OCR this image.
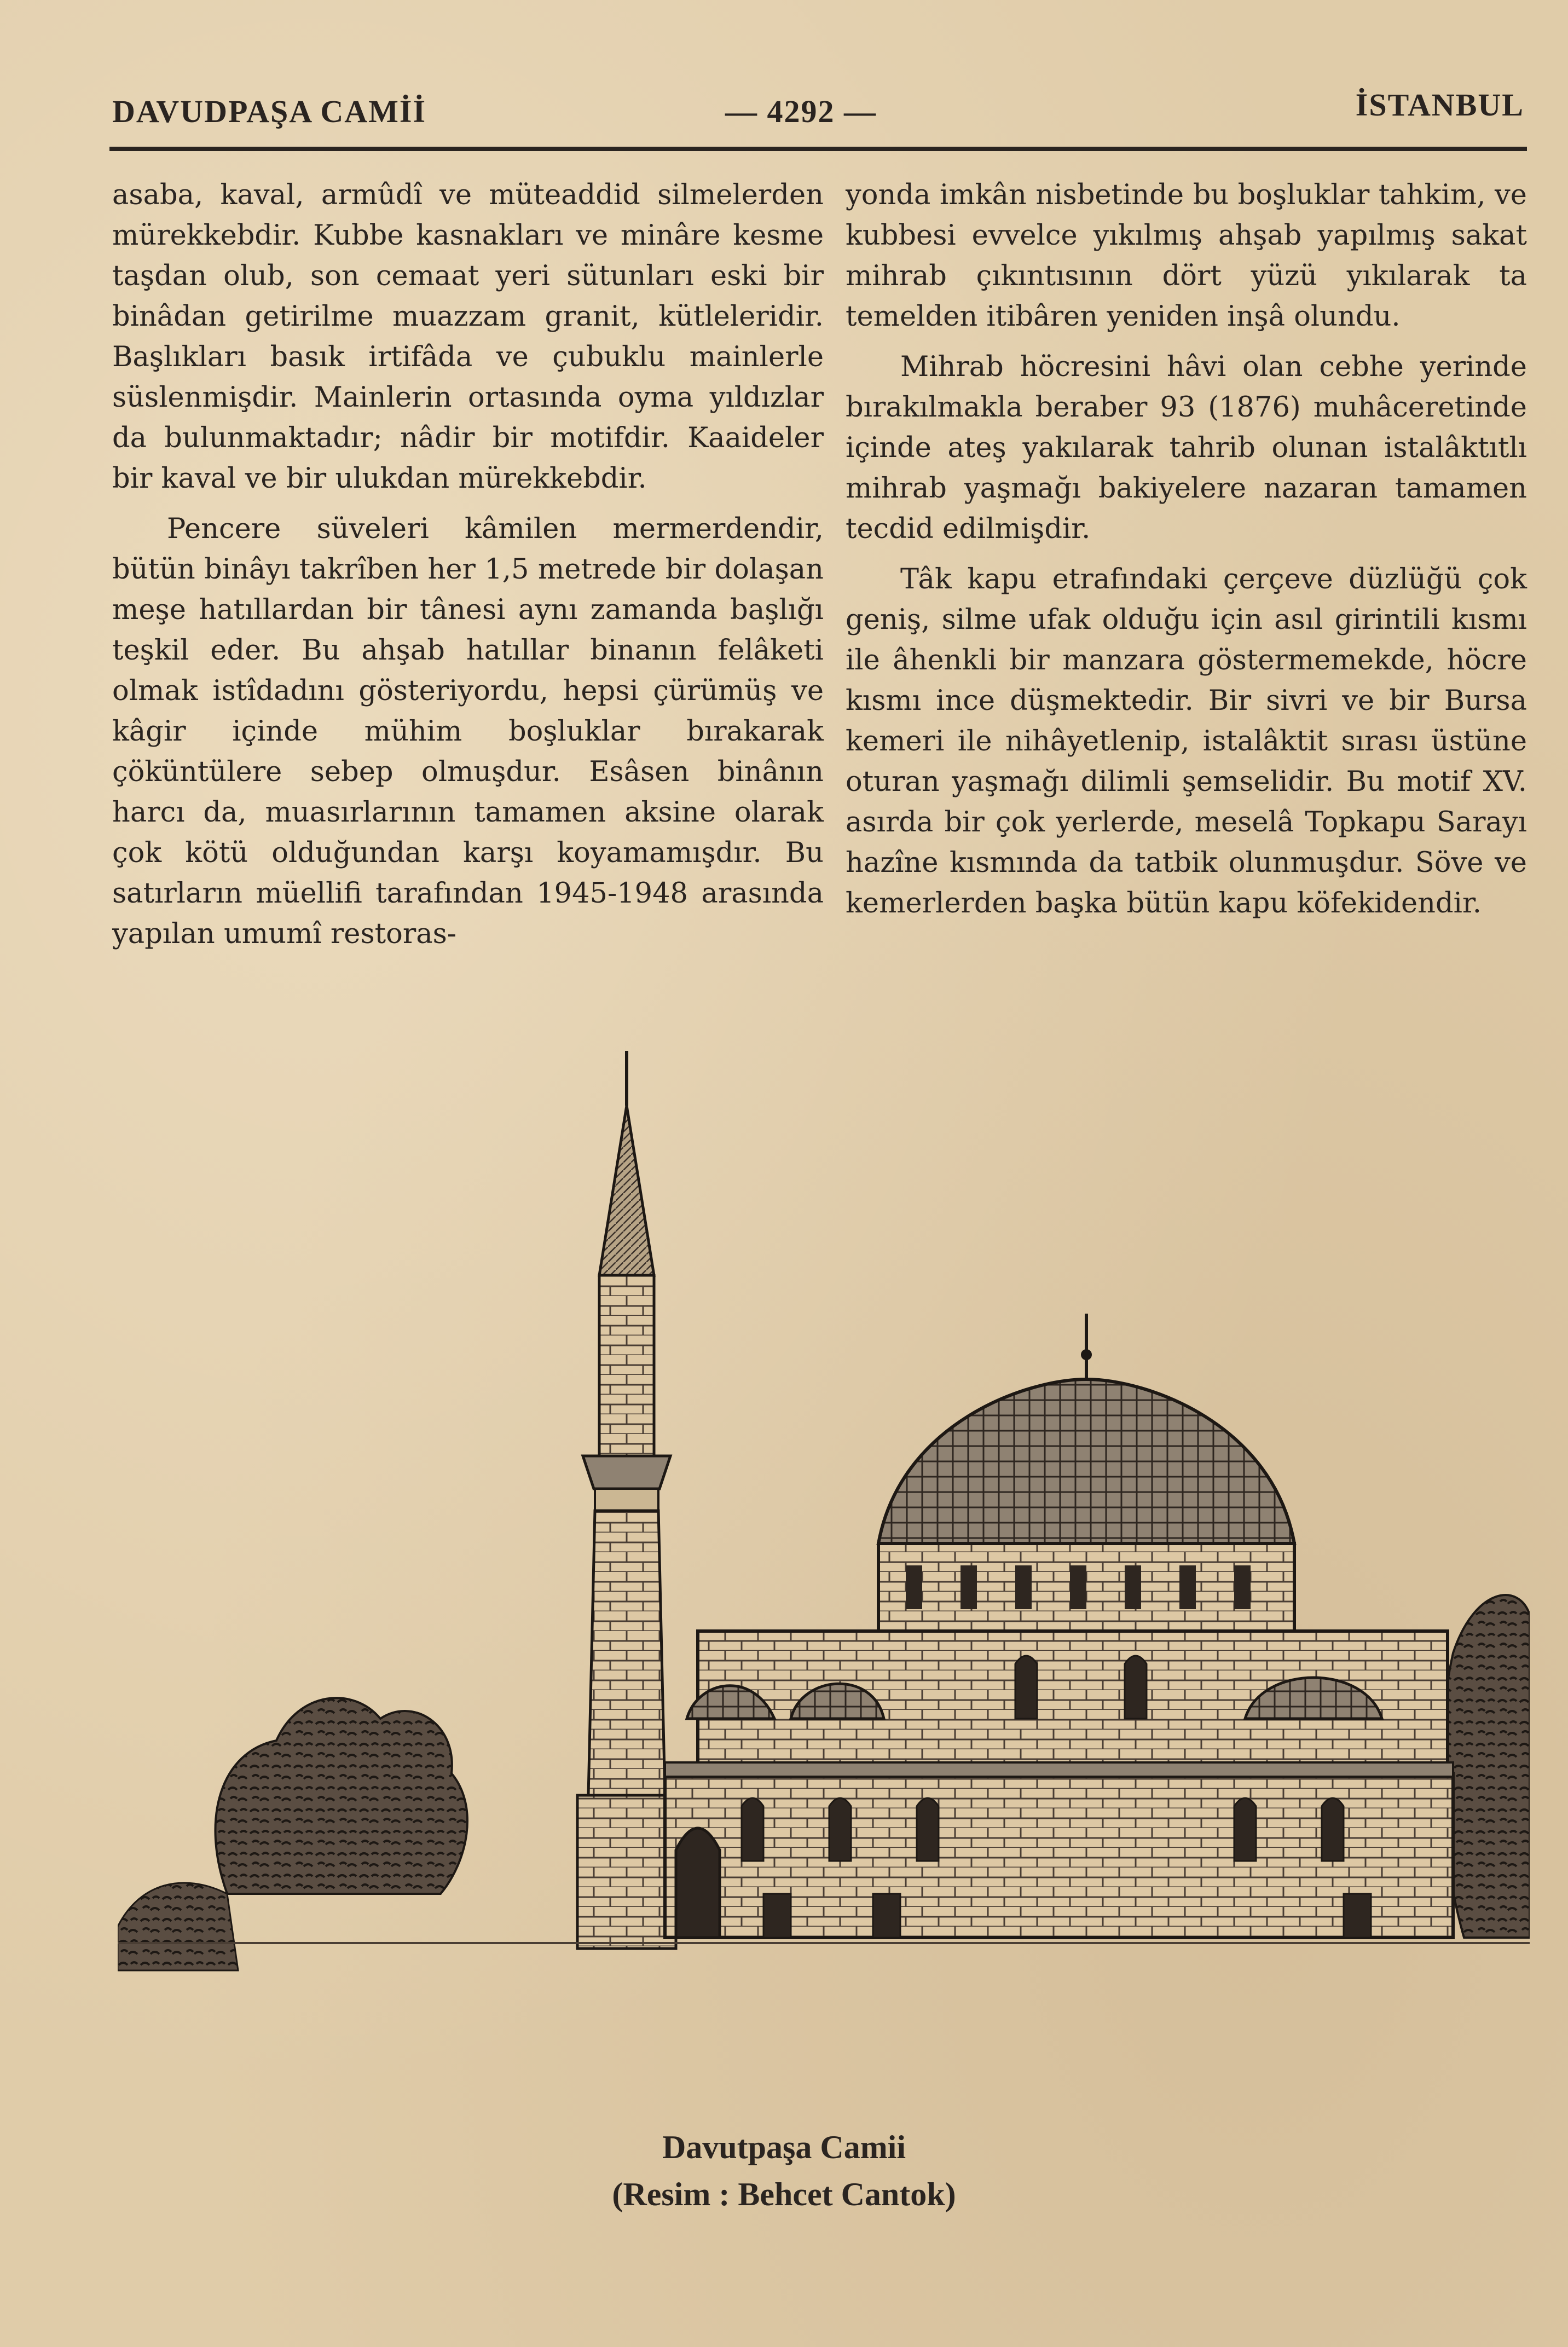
DAVUDPAŞA CAMİİ	— 4292 —	İSTANBUL

asaba, kaval, armûdî ve müteaddid silmelerden mürekkebdir. Kubbe kasnakları ve minâre kesme taşdan olub, son cemaat yeri sütunları eski bir binâdan getirilme muazzam granit, kütleleridir. Başlıkları basık irtifâda ve çubuklu mainlerle süslenmişdir. Mainlerin ortasında oyma yıldızlar da bulunmaktadır; nâdir bir motifdir. Kaaideler bir kaval ve bir ulukdan mürekkebdir.

Pencere süveleri kâmilen mermerdendir, bütün binâyı takrîben her 1,5 metrede bir dolaşan meşe hatıllardan bir tânesi aynı zamanda başlığı teşkil eder. Bu ahşab hatıllar binanın felâketi olmak istîdadını gösteriyordu, hepsi çürümüş ve kâgir içinde mühim boşluklar bırakarak çöküntülere sebep olmuşdur. Esâsen binânın harcı da, muasırlarının tamamen aksine olarak çok kötü olduğundan karşı koyamamışdır. Bu satırların müellifi tarafından 1945-1948 arasında yapılan umumî restoras-

yonda imkân nisbetinde bu boşluklar tahkim, ve kubbesi evvelce yıkılmış ahşab yapılmış sakat mihrab çıkıntısının dört yüzü yıkılarak ta temelden itibâren yeniden inşâ olundu.

Mihrab höcresini hâvi olan cebhe yerinde bırakılmakla beraber 93 (1876) muhâceretinde içinde ateş yakılarak tahrib olunan istalâktıtlı mihrab yaşmağı bakiyelere nazaran tamamen tecdid edilmişdir.

Tâk kapu etrafındaki çerçeve düzlüğü çok geniş, silme ufak olduğu için asıl girintili kısmı ile âhenkli bir manzara göstermemekde, höcre kısmı ince düşmektedir. Bir sivri ve bir Bursa kemeri ile nihâyetlenip, istalâktit sırası üstüne oturan yaşmağı dilimli şemselidir. Bu motif XV. asırda bir çok yerlerde, meselâ Topkapu Sarayı hazîne kısmında da tatbik olunmuşdur. Söve ve kemerlerden başka bütün kapu köfekidendir.

Davutpaşa Camii
(Resim : Behcet Cantok)
